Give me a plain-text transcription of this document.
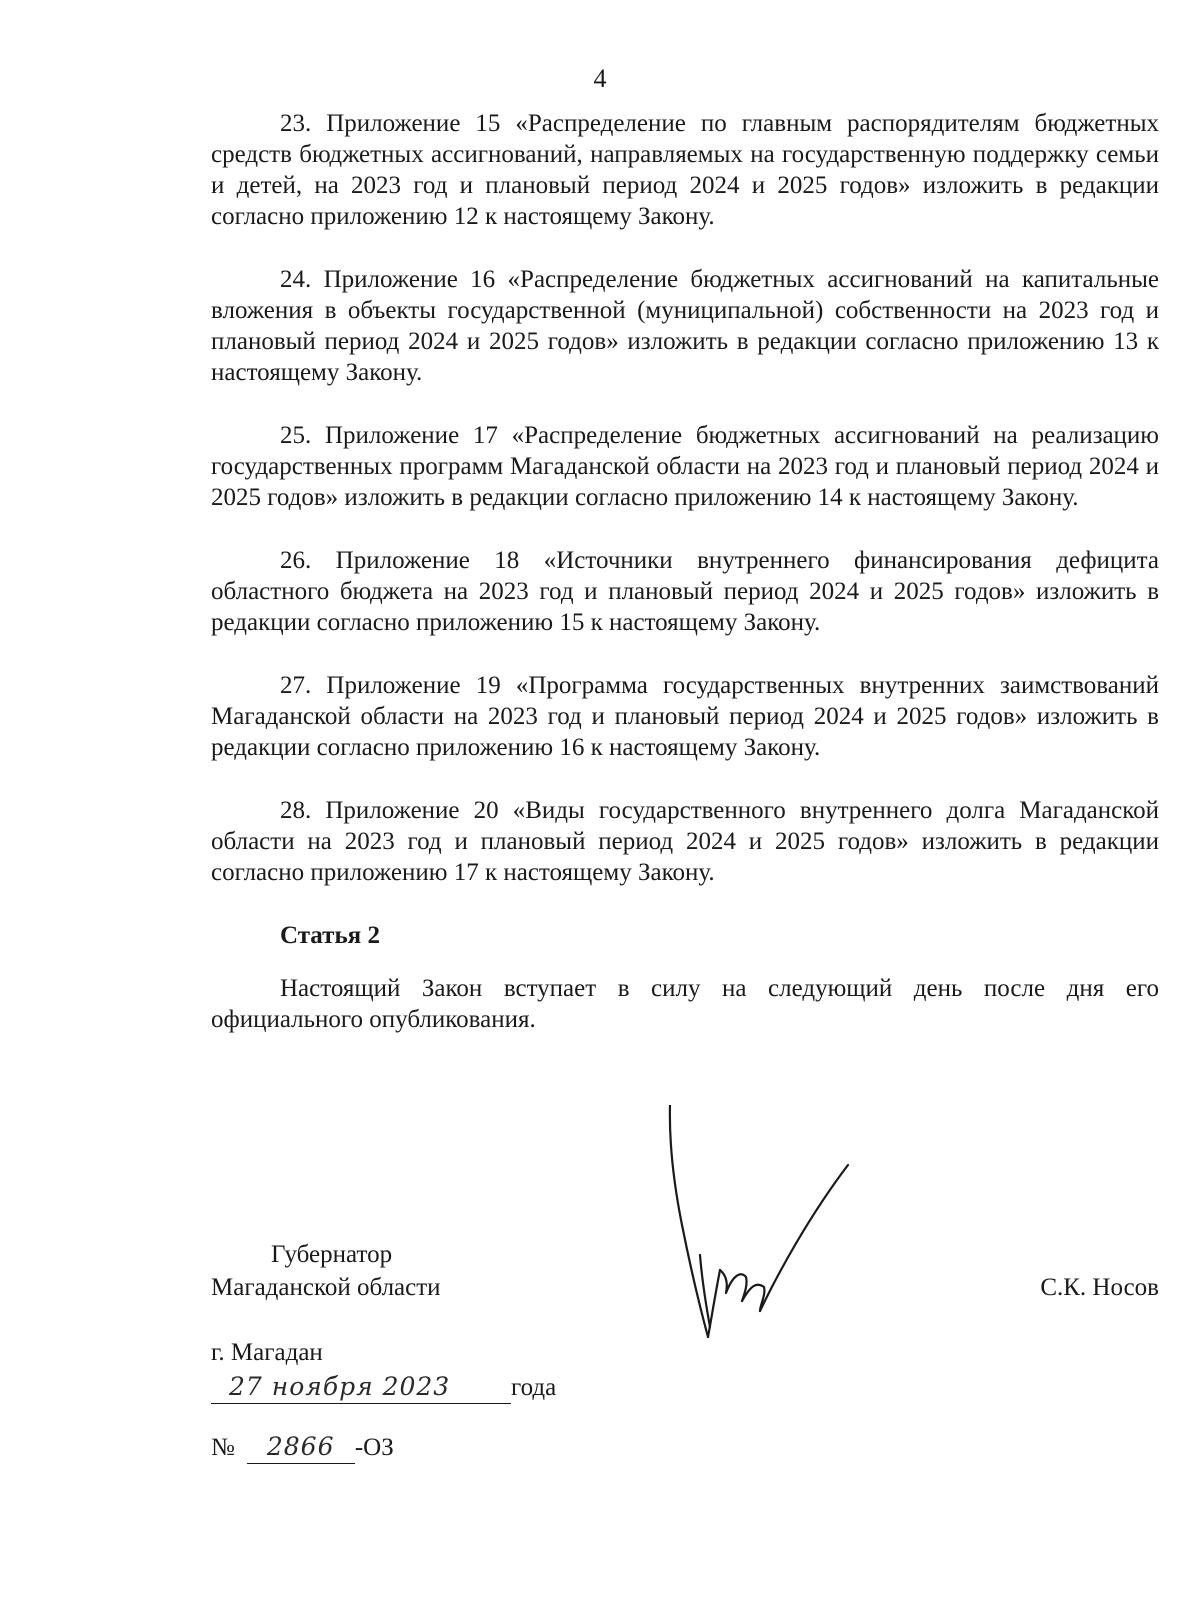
4

23. Приложение 15 «Распределение по главным распорядителям бюджетных средств бюджетных ассигнований, направляемых на государственную поддержку семьи и детей, на 2023 год и плановый период 2024 и 2025 годов» изложить в редакции согласно приложению 12 к настоящему Закону.

24. Приложение 16 «Распределение бюджетных ассигнований на капитальные вложения в объекты государственной (муниципальной) собственности на 2023 год и плановый период 2024 и 2025 годов» изложить в редакции согласно приложению 13 к настоящему Закону.

25. Приложение 17 «Распределение бюджетных ассигнований на реализацию государственных программ Магаданской области на 2023 год и плановый период 2024 и 2025 годов» изложить в редакции согласно приложению 14 к настоящему Закону.

26. Приложение 18 «Источники внутреннего финансирования дефицита областного бюджета на 2023 год и плановый период 2024 и 2025 годов» изложить в редакции согласно приложению 15 к настоящему Закону.

27. Приложение 19 «Программа государственных внутренних заимствований Магаданской области на 2023 год и плановый период 2024 и 2025 годов» изложить в редакции согласно приложению 16 к настоящему Закону.

28. Приложение 20 «Виды государственного внутреннего долга Магаданской области на 2023 год и плановый период 2024 и 2025 годов» изложить в редакции согласно приложению 17 к настоящему Закону.

Статья 2

Настоящий Закон вступает в силу на следующий день после дня его официального опубликования.

Губернатор
Магаданской области	С.К. Носов
г. Магадан
27 ноября 2023 года
№ 2866 -ОЗ
